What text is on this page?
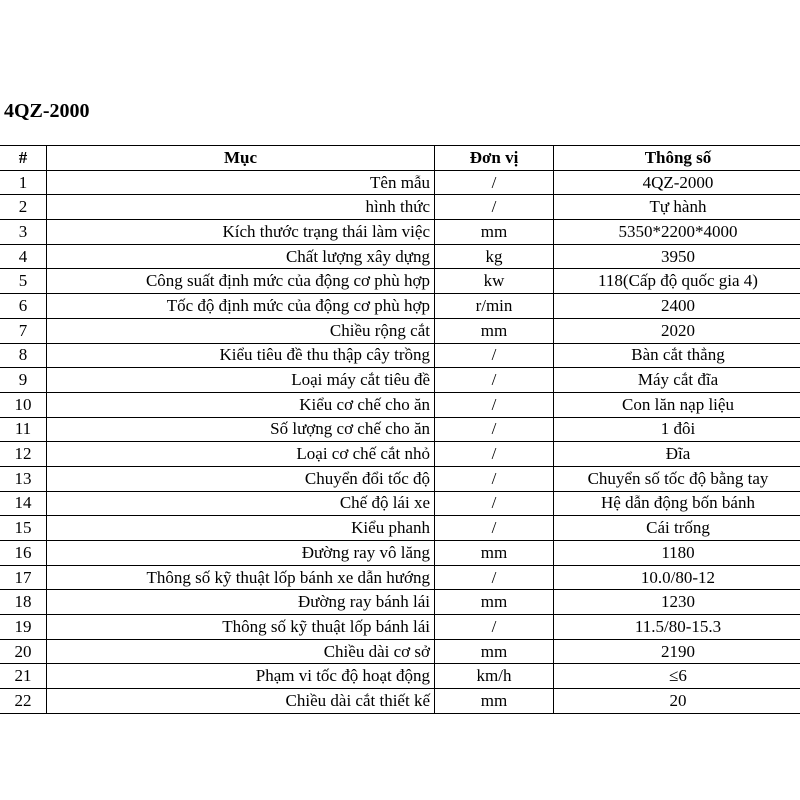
4QZ-2000
#	Mục	Đơn vị	Thông số
1	Tên mẫu	/	4QZ-2000
2	hình thức	/	Tự hành
3	Kích thước trạng thái làm việc	mm	5350*2200*4000
4	Chất lượng xây dựng	kg	3950
5	Công suất định mức của động cơ phù hợp	kw	118(Cấp độ quốc gia 4)
6	Tốc độ định mức của động cơ phù hợp	r/min	2400
7	Chiều rộng cắt	mm	2020
8	Kiểu tiêu đề thu thập cây trồng	/	Bàn cắt thẳng
9	Loại máy cắt tiêu đề	/	Máy cắt đĩa
10	Kiểu cơ chế cho ăn	/	Con lăn nạp liệu
11	Số lượng cơ chế cho ăn	/	1 đôi
12	Loại cơ chế cắt nhỏ	/	Đĩa
13	Chuyển đổi tốc độ	/	Chuyển số tốc độ bằng tay
14	Chế độ lái xe	/	Hệ dẫn động bốn bánh
15	Kiểu phanh	/	Cái trống
16	Đường ray vô lăng	mm	1180
17	Thông số kỹ thuật lốp bánh xe dẫn hướng	/	10.0/80-12
18	Đường ray bánh lái	mm	1230
19	Thông số kỹ thuật lốp bánh lái	/	11.5/80-15.3
20	Chiều dài cơ sở	mm	2190
21	Phạm vi tốc độ hoạt động	km/h	≤6
22	Chiều dài cắt thiết kế	mm	20
